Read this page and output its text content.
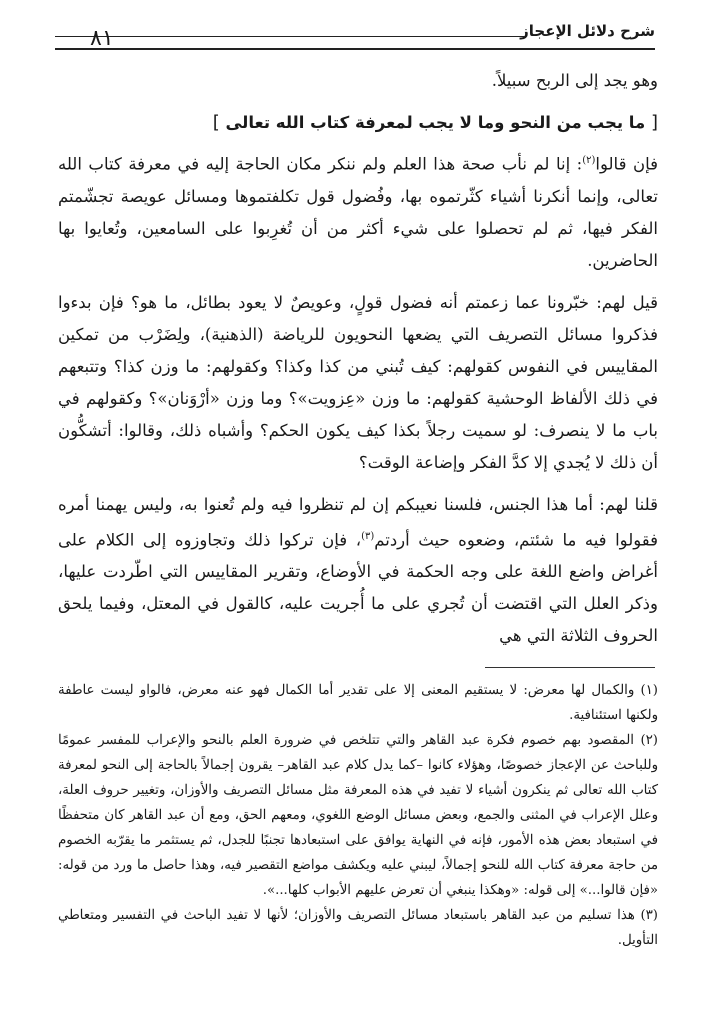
شرح دلائل الإعجاز
٨١

وهو يجد إلى الربح سبيلاً.

[ ما يجب من النحو وما لا يجب لمعرفة كتاب الله تعالى ]

فإن قالوا$^{(٢)}$: إنا لم نأب صحة هذا العلم ولم ننكر مكان الحاجة إليه في معرفة كتاب الله تعالى، وإنما أنكرنا أشياء كثّرتموه بها، وفُضول قول تكلفتموها ومسائل عويصة تجشّمتم الفكر فيها، ثم لم تحصلوا على شيء أكثر من أن تُغرِبوا على السامعين، وتُعايوا بها الحاضرين.

قيل لهم: خبّرونا عما زعمتم أنه فضول قولٍ، وعويصٌ لا يعود بطائل، ما هو؟ فإن بدءوا فذكروا مسائل التصريف التي يضعها النحويون للرياضة (الذهنية)، ولِضَرْب من تمكين المقاييس في النفوس كقولهم: كيف تُبني من كذا وكذا؟ وكقولهم: ما وزن كذا؟ وتتبعهم في ذلك الألفاظ الوحشية كقولهم: ما وزن «عِزويت»؟ وما وزن «أرْوَنان»؟ وكقولهم في باب ما لا ينصرف: لو سميت رجلاً بكذا كيف يكون الحكم؟ وأشباه ذلك، وقالوا: أتشكُّون أن ذلك لا يُجدي إلا كدَّ الفكر وإضاعة الوقت؟

قلنا لهم: أما هذا الجنس، فلسنا نعيبكم إن لم تنظروا فيه ولم تُعنوا به، وليس يهمنا أمره فقولوا فيه ما شئتم، وضعوه حيث أردتم$^{(٣)}$، فإن تركوا ذلك وتجاوزوه إلى الكلام على أغراض واضع اللغة على وجه الحكمة في الأوضاع، وتقرير المقاييس التي اطّردت عليها، وذكر العلل التي اقتضت أن تُجري على ما أُجريت عليه، كالقول في المعتل، وفيما يلحق الحروف الثلاثة التي هي

(١) والكمال لها معرض: لا يستقيم المعنى إلا على تقدير أما الكمال فهو عنه معرض، فالواو ليست عاطفة ولكنها استئنافية.

(٢) المقصود بهم خصوم فكرة عبد القاهر والتي تتلخص في ضرورة العلم بالنحو والإعراب للمفسر عمومًا وللباحث عن الإعجاز خصوصًا، وهؤلاء كانوا –كما يدل كلام عبد القاهر– يقرون إجمالاً بالحاجة إلى النحو لمعرفة كتاب الله تعالى ثم ينكرون أشياء لا تفيد في هذه المعرفة مثل مسائل التصريف والأوزان، وتغيير حروف العلة، وعلل الإعراب في المثنى والجمع، وبعض مسائل الوضع اللغوي، ومعهم الحق، ومع أن عبد القاهر كان متحفظًا في استبعاد بعض هذه الأمور، فإنه في النهاية يوافق على استبعادها تجنبًا للجدل، ثم يستثمر ما يقرّبه الخصوم من حاجة معرفة كتاب الله للنحو إجمالاً، ليبني عليه ويكشف مواضع التقصير فيه، وهذا حاصل ما ورد من قوله: «فإن قالوا...» إلى قوله: «وهكذا ينبغي أن تعرض عليهم الأبواب كلها...».

(٣) هذا تسليم من عبد القاهر باستبعاد مسائل التصريف والأوزان؛ لأنها لا تفيد الباحث في التفسير ومتعاطي التأويل.
